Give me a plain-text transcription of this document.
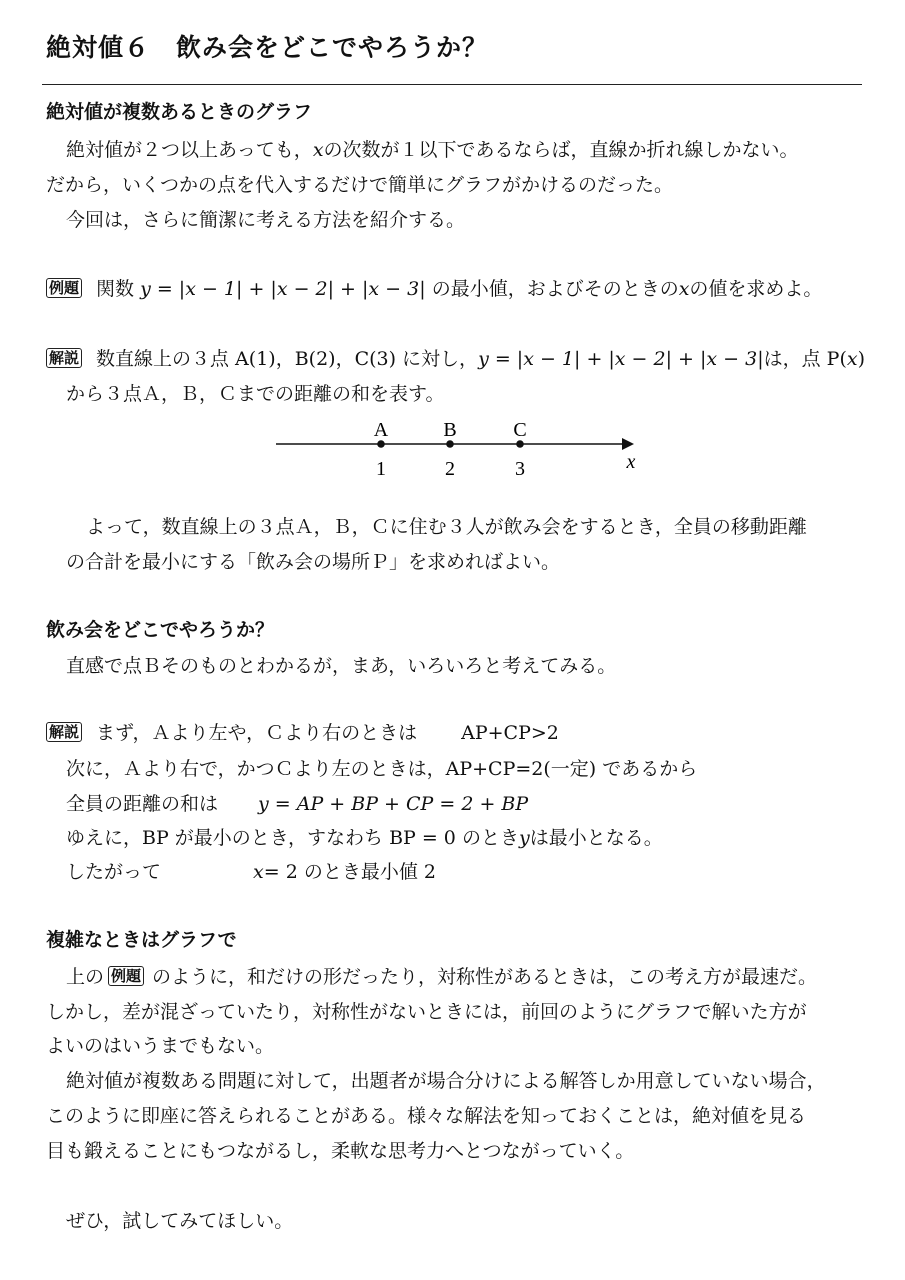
絶対値６　飲み会をどこでやろうか？
絶対値が複数あるときのグラフ
絶対値が２つ以上あっても，xの次数が１以下であるならば，直線か折れ線しかない。
だから，いくつかの点を代入するだけで簡単にグラフがかけるのだった。
今回は，さらに簡潔に考える方法を紹介する。
例題 関数 y = |x − 1| + |x − 2| + |x − 3| の最小値，およびそのときのxの値を求めよ。
解説 数直線上の３点 A(1)，B(2)，C(3) に対し，y = |x − 1| + |x − 2| + |x − 3|は，点 P(x)
から３点Ａ，Ｂ，Ｃまでの距離の和を表す。
A
1
B
2
C
3	x
よって，数直線上の３点Ａ，Ｂ，Ｃに住む３人が飲み会をするとき，全員の移動距離
の合計を最小にする「飲み会の場所Ｐ」を求めればよい。
飲み会をどこでやろうか？
直感で点Ｂそのものとわかるが，まあ，いろいろと考えてみる。
解説 まず，Ａより左や，Ｃより右のときは AP+CP>2
次に，Ａより右で，かつＣより左のときは，AP+CP=2(一定) であるから
全員の距離の和は y = AP + BP + CP = 2 + BP
ゆえに，BP が最小のとき，すなわち BP = 0 のときyは最小となる。
したがって	x= 2 のとき最小値 2
複雑なときはグラフで
上の 例題 のように，和だけの形だったり，対称性があるときは，この考え方が最速だ。
しかし，差が混ざっていたり，対称性がないときには，前回のようにグラフで解いた方が
よいのはいうまでもない。
絶対値が複数ある問題に対して，出題者が場合分けによる解答しか用意していない場合，
このように即座に答えられることがある。様々な解法を知っておくことは，絶対値を見る
目も鍛えることにもつながるし，柔軟な思考力へとつながっていく。
ぜひ，試してみてほしい。
